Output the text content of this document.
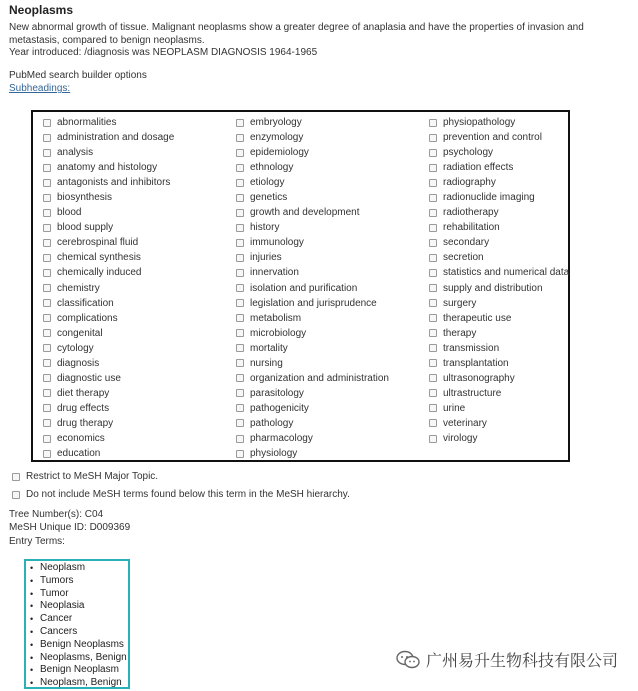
Neoplasms
New abnormal growth of tissue. Malignant neoplasms show a greater degree of anaplasia and have the properties of invasion and metastasis, compared to benign neoplasms.
Year introduced: /diagnosis was NEOPLASM DIAGNOSIS 1964-1965
PubMed search builder options
Subheadings:
abnormalities
administration and dosage
analysis
anatomy and histology
antagonists and inhibitors
biosynthesis
blood
blood supply
cerebrospinal fluid
chemical synthesis
chemically induced
chemistry
classification
complications
congenital
cytology
diagnosis
diagnostic use
diet therapy
drug effects
drug therapy
economics
education
embryology
enzymology
epidemiology
ethnology
etiology
genetics
growth and development
history
immunology
injuries
innervation
isolation and purification
legislation and jurisprudence
metabolism
microbiology
mortality
nursing
organization and administration
parasitology
pathogenicity
pathology
pharmacology
physiology
physiopathology
prevention and control
psychology
radiation effects
radiography
radionuclide imaging
radiotherapy
rehabilitation
secondary
secretion
statistics and numerical data
supply and distribution
surgery
therapeutic use
therapy
transmission
transplantation
ultrasonography
ultrastructure
urine
veterinary
virology
Restrict to MeSH Major Topic.
Do not include MeSH terms found below this term in the MeSH hierarchy.
Tree Number(s): C04
MeSH Unique ID: D009369
Entry Terms:
• Neoplasm
• Tumors
• Tumor
• Neoplasia
• Cancer
• Cancers
• Benign Neoplasms
• Neoplasms, Benign
• Benign Neoplasm
• Neoplasm, Benign
广州易升生物科技有限公司
